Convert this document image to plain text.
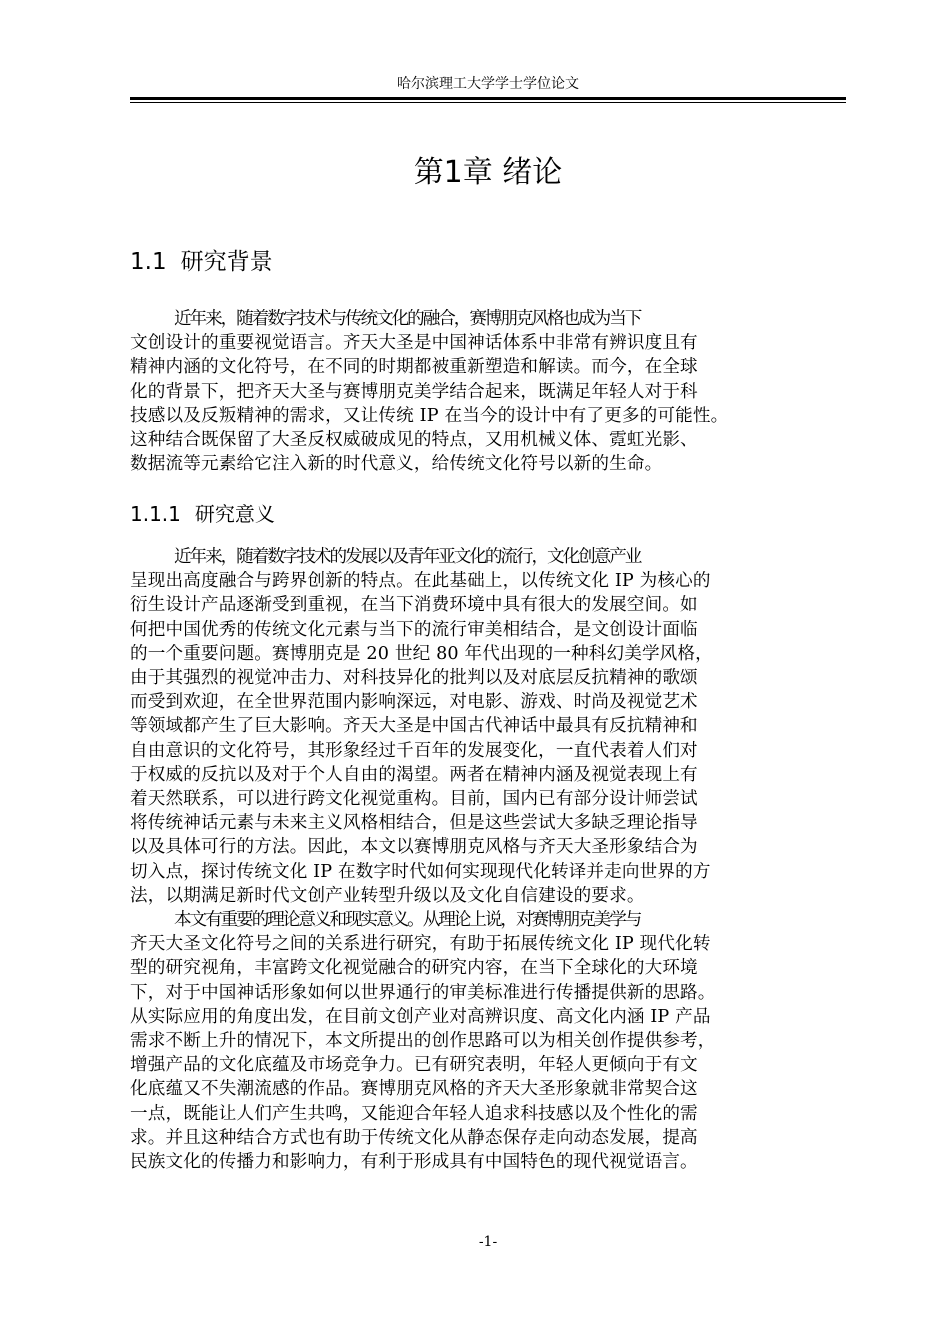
哈尔滨理工大学学士学位论文
第1章 绪论
1.1 研究背景
近年来，随着数字技术与传统文化的融合，赛博朋克风格也成为当下
文创设计的重要视觉语言。齐天大圣是中国神话体系中非常有辨识度且有
精神内涵的文化符号，在不同的时期都被重新塑造和解读。而今，在全球
化的背景下，把齐天大圣与赛博朋克美学结合起来，既满足年轻人对于科
技感以及反叛精神的需求，又让传统 IP 在当今的设计中有了更多的可能性。
这种结合既保留了大圣反权威破成见的特点，又用机械义体、霓虹光影、
数据流等元素给它注入新的时代意义，给传统文化符号以新的生命。
1.1.1 研究意义
近年来，随着数字技术的发展以及青年亚文化的流行，文化创意产业
呈现出高度融合与跨界创新的特点。在此基础上，以传统文化 IP 为核心的
衍生设计产品逐渐受到重视，在当下消费环境中具有很大的发展空间。如
何把中国优秀的传统文化元素与当下的流行审美相结合，是文创设计面临
的一个重要问题。赛博朋克是 20 世纪 80 年代出现的一种科幻美学风格，
由于其强烈的视觉冲击力、对科技异化的批判以及对底层反抗精神的歌颂
而受到欢迎，在全世界范围内影响深远，对电影、游戏、时尚及视觉艺术
等领域都产生了巨大影响。齐天大圣是中国古代神话中最具有反抗精神和
自由意识的文化符号，其形象经过千百年的发展变化，一直代表着人们对
于权威的反抗以及对于个人自由的渴望。两者在精神内涵及视觉表现上有
着天然联系，可以进行跨文化视觉重构。目前，国内已有部分设计师尝试
将传统神话元素与未来主义风格相结合，但是这些尝试大多缺乏理论指导
以及具体可行的方法。因此，本文以赛博朋克风格与齐天大圣形象结合为
切入点，探讨传统文化 IP 在数字时代如何实现现代化转译并走向世界的方
法，以期满足新时代文创产业转型升级以及文化自信建设的要求。
本文有重要的理论意义和现实意义。从理论上说，对赛博朋克美学与
齐天大圣文化符号之间的关系进行研究，有助于拓展传统文化 IP 现代化转
型的研究视角，丰富跨文化视觉融合的研究内容，在当下全球化的大环境
下，对于中国神话形象如何以世界通行的审美标准进行传播提供新的思路。
从实际应用的角度出发，在目前文创产业对高辨识度、高文化内涵 IP 产品
需求不断上升的情况下，本文所提出的创作思路可以为相关创作提供参考，
增强产品的文化底蕴及市场竞争力。已有研究表明，年轻人更倾向于有文
化底蕴又不失潮流感的作品。赛博朋克风格的齐天大圣形象就非常契合这
一点，既能让人们产生共鸣，又能迎合年轻人追求科技感以及个性化的需
求。并且这种结合方式也有助于传统文化从静态保存走向动态发展，提高
民族文化的传播力和影响力，有利于形成具有中国特色的现代视觉语言。
-1-
